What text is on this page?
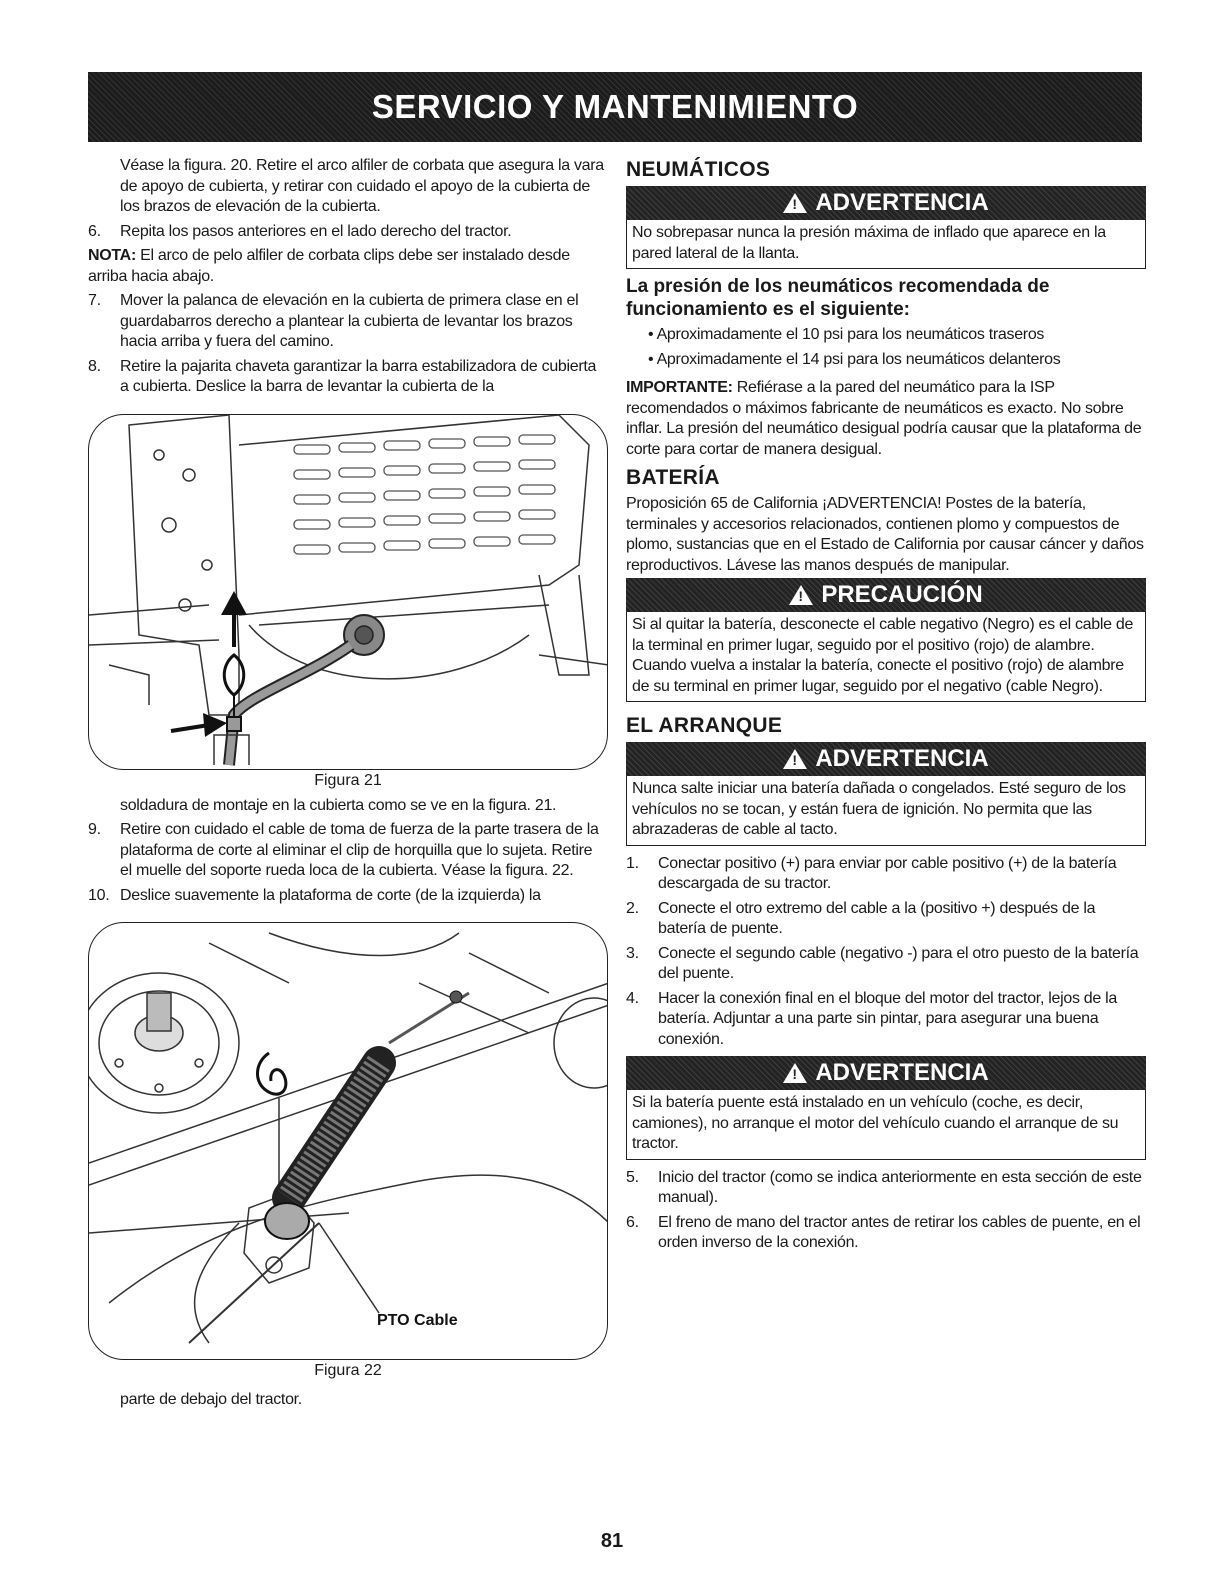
SERVICIO Y MANTENIMIENTO

Véase la figura. 20. Retire el arco alfiler de corbata que asegura la vara de apoyo de cubierta, y retirar con cuidado el apoyo de la cubierta de los brazos de elevación de la cubierta.

6.	Repita los pasos anteriores en el lado derecho del tractor.

NOTA: El arco de pelo alfiler de corbata clips debe ser instalado desde arriba hacia abajo.

7.	Mover la palanca de elevación en la cubierta de primera clase en el guardabarros derecho a plantear la cubierta de levantar los brazos hacia arriba y fuera del camino.
8.	Retire la pajarita chaveta garantizar la barra estabilizadora de cubierta a cubierta. Deslice la barra de levantar la cubierta de la

Figura 21

soldadura de montaje en la cubierta como se ve en la figura. 21.

9.	Retire con cuidado el cable de toma de fuerza de la parte trasera de la plataforma de corte al eliminar el clip de horquilla que lo sujeta. Retire el muelle del soporte rueda loca de la cubierta. Véase la figura. 22.
10. Deslice suavemente la plataforma de corte (de la izquierda) la
PTO Cable

Figura 22

parte de debajo del tractor.

NEUMÁTICOS
!
ADVERTENCIA
No sobrepasar nunca la presión máxima de inflado que aparece en la pared lateral de la llanta.
La presión de los neumáticos recomendada de funcionamiento es el siguiente:

• Aproximadamente el 10 psi para los neumáticos traseros

• Aproximadamente el 14 psi para los neumáticos delanteros

IMPORTANTE: Refiérase a la pared del neumático para la ISP recomendados o máximos fabricante de neumáticos es exacto. No sobre inflar. La presión del neumático desigual podría causar que la plataforma de corte para cortar de manera desigual.

BATERÍA

Proposición 65 de California ¡ADVERTENCIA! Postes de la batería, terminales y accesorios relacionados, contienen plomo y compuestos de plomo, sustancias que en el Estado de California por causar cáncer y daños reproductivos. Lávese las manos después de manipular.

!
PRECAUCIÓN
Si al quitar la batería, desconecte el cable negativo (Negro) es el cable de la terminal en primer lugar, seguido por el positivo (rojo) de alambre. Cuando vuelva a instalar la batería, conecte el positivo (rojo) de alambre de su terminal en primer lugar, seguido por el negativo (cable Negro).
EL ARRANQUE
!
ADVERTENCIA
Nunca salte iniciar una batería dañada o congelados. Esté seguro de los vehículos no se tocan, y están fuera de ignición. No permita que las abrazaderas de cable al tacto.
1.	Conectar positivo (+) para enviar por cable positivo (+) de la batería descargada de su tractor.
2.	Conecte el otro extremo del cable a la (positivo +) después de la batería de puente.
3.	Conecte el segundo cable (negativo -) para el otro puesto de la batería del puente.
4.	Hacer la conexión final en el bloque del motor del tractor, lejos de la batería. Adjuntar a una parte sin pintar, para asegurar una buena conexión.
!
ADVERTENCIA
Si la batería puente está instalado en un vehículo (coche, es decir, camiones), no arranque el motor del vehículo cuando el arranque de su tractor.
5.	Inicio del tractor (como se indica anteriormente en esta sección de este manual).
6.	El freno de mano del tractor antes de retirar los cables de puente, en el orden inverso de la conexión.
81
